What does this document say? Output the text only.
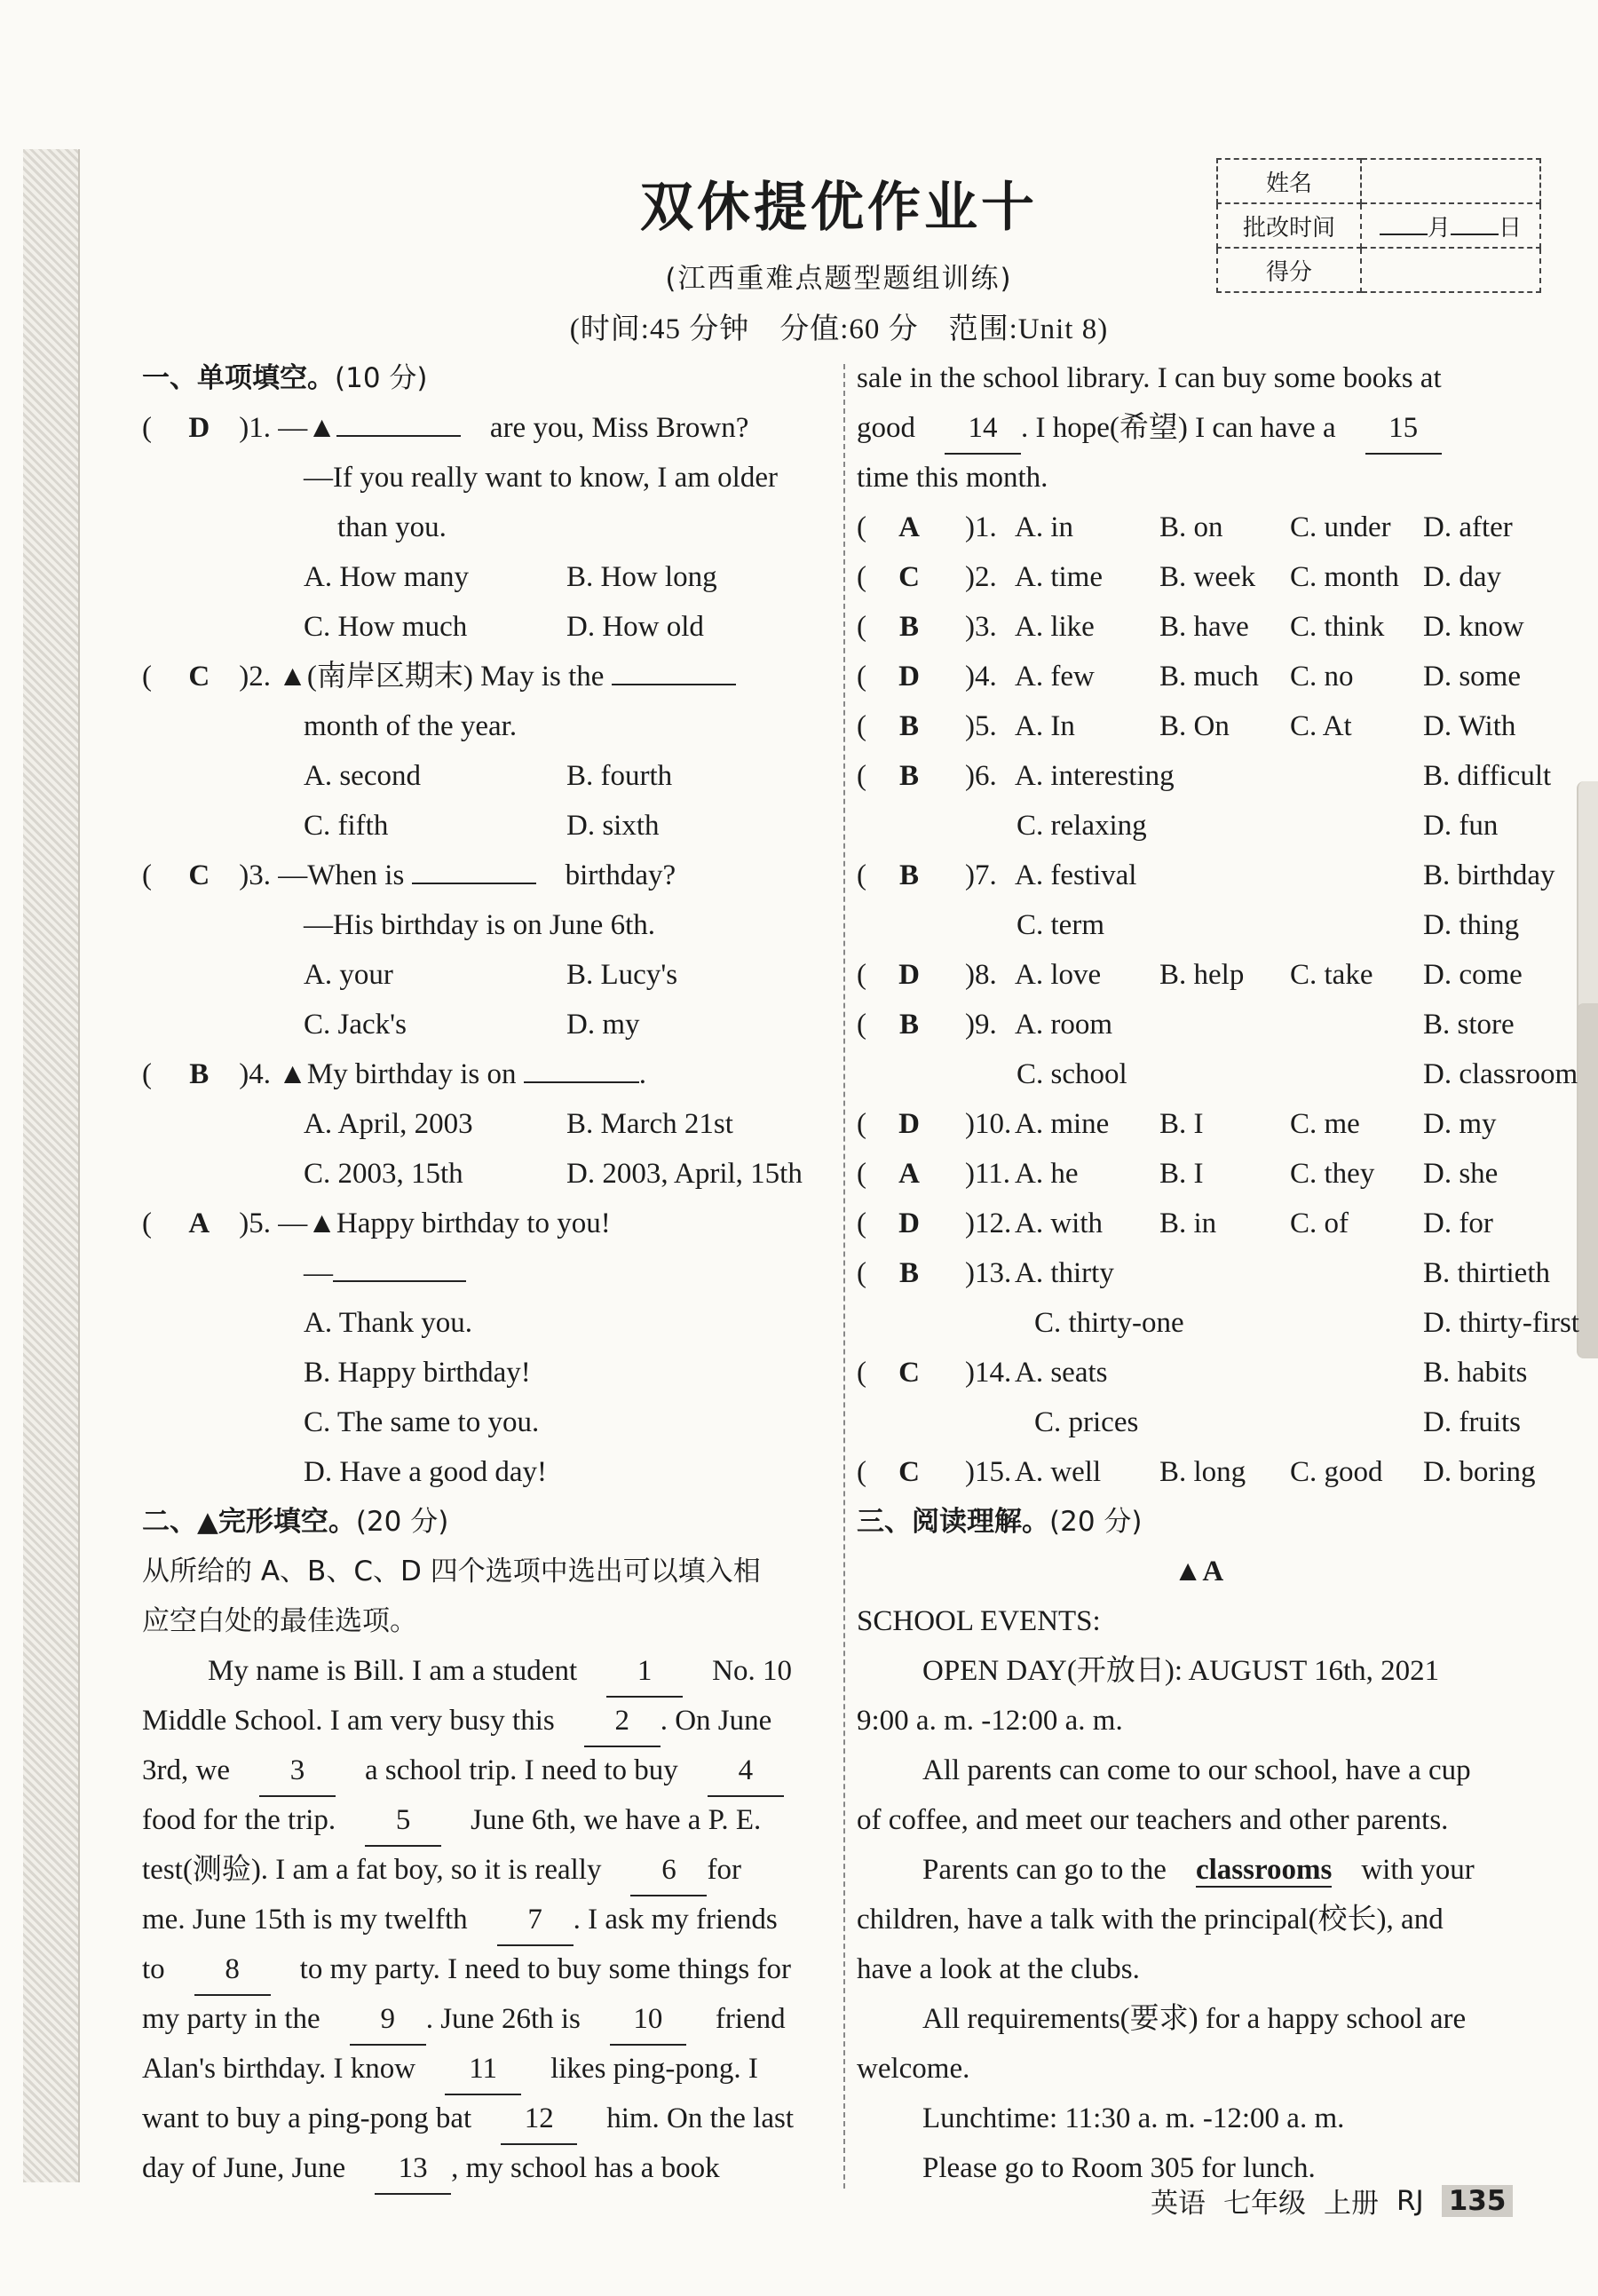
双休提优作业十
(江西重难点题型题组训练)
(时间:45 分钟　分值:60 分　范围:Unit 8)
姓名	
批改时间	月 日
得分	
一、单项填空。(10 分)
( D )1. —▲　	are you, Miss Brown?
—If you really want to know, I am older
than you.
A. How many	B. How long
C. How much	D. How old
( C )2. ▲(南岸区期末) May is the
month of the year.
A. second	B. fourth
C. fifth	D. sixth
( C )3. —When is 　	birthday?
—His birthday is on June 6th.
A. your	B. Lucy's
C. Jack's	D. my
( B )4. ▲My birthday is on	.
A. April, 2003	B. March 21st
C. 2003, 15th	D. 2003, April, 15th
( A )5. —▲Happy birthday to you!
—
A. Thank you.
B. Happy birthday!
C. The same to you.
D. Have a good day!
二、▲完形填空。(20 分)
从所给的 A、B、C、D 四个选项中选出可以填入相
应空白处的最佳选项。
My name is Bill. I am a student　 1　 No. 10
Middle School. I am very busy this　 2 . On June
3rd, we　 3　 a school trip. I need to buy　 4
food for the trip.　 5　 June 6th, we have a P. E.
test(测验). I am a fat boy, so it is really　 6 for
me. June 15th is my twelfth　 7 . I ask my friends
to　 8　 to my party. I need to buy some things for
my party in the　 9 . June 26th is　 10　 friend
Alan's birthday. I know　 11　 likes ping-pong. I
want to buy a ping-pong bat　 12　 him. On the last
day of June, June　 13 , my school has a book
sale in the school library. I can buy some books at
good　 14 . I hope(希望) I can have a　 15
time this month.
(	A	)1. A. in	B. on C. under D. after
(	C	)2. A. time B. week C. month D. day
(	B	)3. A. like B. have C. think D. know
(	D	)4. A. few B. much C. no D. some
(	B	)5. A. In	B. On C. At D. With
(	B	)6. A. interesting	B. difficult
C. relaxing	D. fun
(	B	)7. A. festival	B. birthday
C. term	D. thing
(	D	)8. A. love B. help C. take D. come
(	B	)9. A. room	B. store
C. school	D. classroom
(	D	)10. A. mine B. I	C. me D. my
(	A	)11. A. he	B. I	C. they D. she
(	D	)12. A. with B. in	C. of	D. for
(	B	)13. A. thirty	B. thirtieth
C. thirty-one	D. thirty-first
(	C	)14. A. seats	B. habits
C. prices	D. fruits
(	C	)15. A. well B. long C. good D. boring
三、阅读理解。(20 分)
▲A
SCHOOL EVENTS:
OPEN DAY(开放日): AUGUST 16th, 2021
9:00 a. m. -12:00 a. m.
All parents can come to our school, have a cup
of coffee, and meet our teachers and other parents.
Parents can go to the　 classrooms　 with your
children, have a talk with the principal(校长), and
have a look at the clubs.
All requirements(要求) for a happy school are
welcome.
Lunchtime: 11:30 a. m. -12:00 a. m.
Please go to Room 305 for lunch.
英语 七年级 上册 RJ 135
